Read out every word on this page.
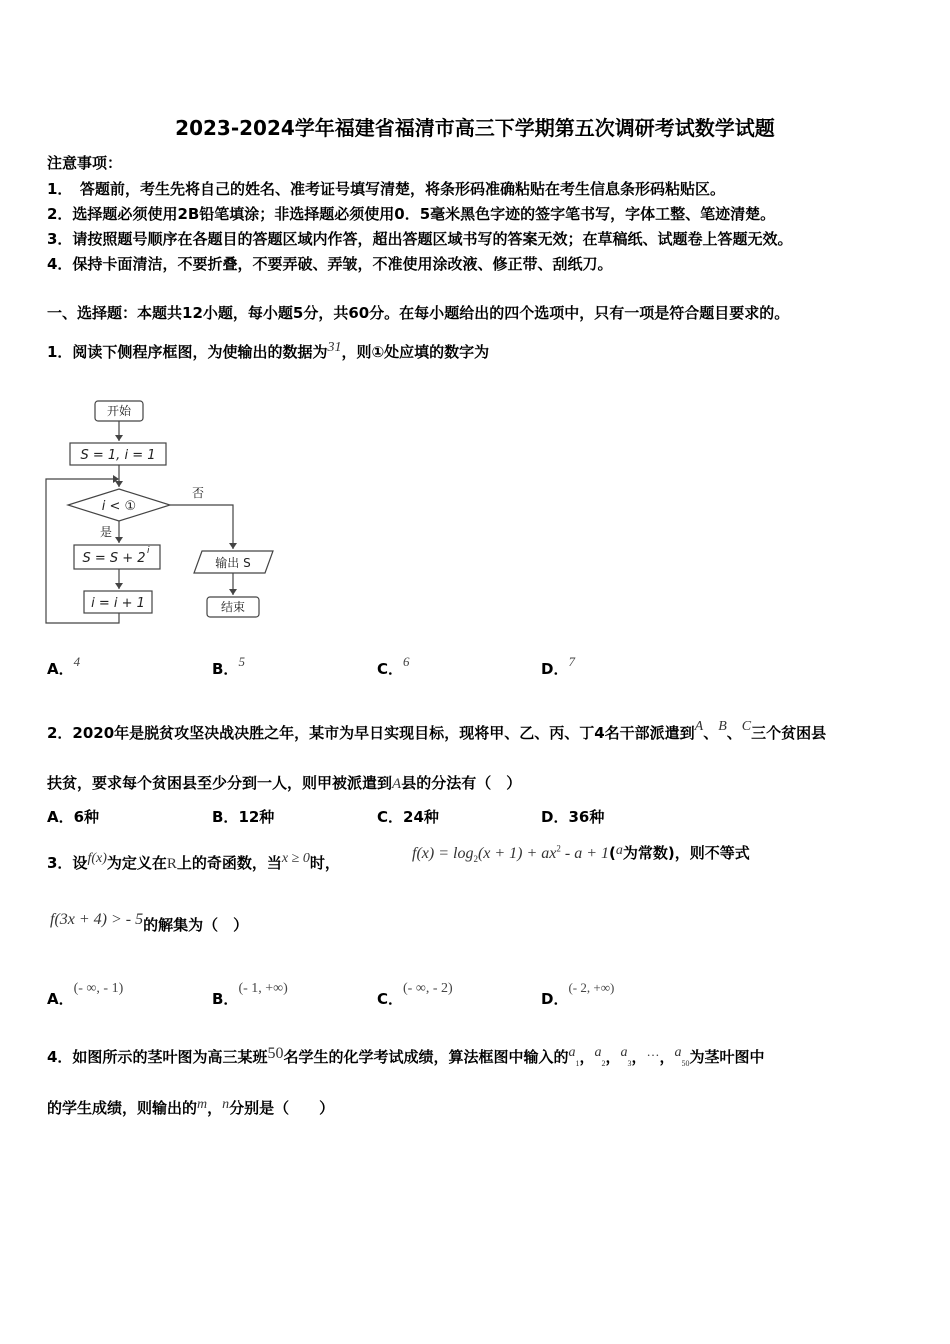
2023-2024学年福建省福清市高三下学期第五次调研考试数学试题
注意事项：
1．　答题前，考生先将自己的姓名、准考证号填写清楚，将条形码准确粘贴在考生信息条形码粘贴区。
2．选择题必须使用2B铅笔填涂；非选择题必须使用0．5毫米黑色字迹的签字笔书写，字体工整、笔迹清楚。
3．请按照题号顺序在各题目的答题区域内作答，超出答题区域书写的答案无效；在草稿纸、试题卷上答题无效。
4．保持卡面清洁，不要折叠，不要弄破、弄皱，不准使用涂改液、修正带、刮纸刀。
一、选择题：本题共12小题，每小题5分，共60分。在每小题给出的四个选项中，只有一项是符合题目要求的。
1．阅读下侧程序框图，为使输出的数据为31，则①处应填的数字为
开始
S = 1, i = 1
i < ①
否
是
S = S + 2 i
i = i + 1
输出 S
结束
A．$^4$	B．$^5$	C．$^6$	D．$^7$
2．2020年是脱贫攻坚决战决胜之年，某市为早日实现目标，现将甲、乙、丙、丁4名干部派遣到A、B、C三个贫困县
扶贫，要求每个贫困县至少分到一人，则甲被派遣到A县的分法有（　）
A．6种	B．12种	C．24种	D．36种
3．设f(x)为定义在R上的奇函数，当x ≥ 0时，
$f(x) = \log_2(x + 1) + ax^2 - a + 1(a$为常数)，则不等式
f(3x + 4) > - 5的解集为（　）
A．(- ∞, - 1)
B．(- 1, +∞)
C．(- ∞, - 2)
D．$^{(- 2, +\infty)}$
4．如图所示的茎叶图为高三某班50名学生的化学考试成绩，算法框图中输入的$a_1$，$a_2$，$a_3$，…，$a_{50}$为茎叶图中
的学生成绩，则输出的m，n分别是（　　）
